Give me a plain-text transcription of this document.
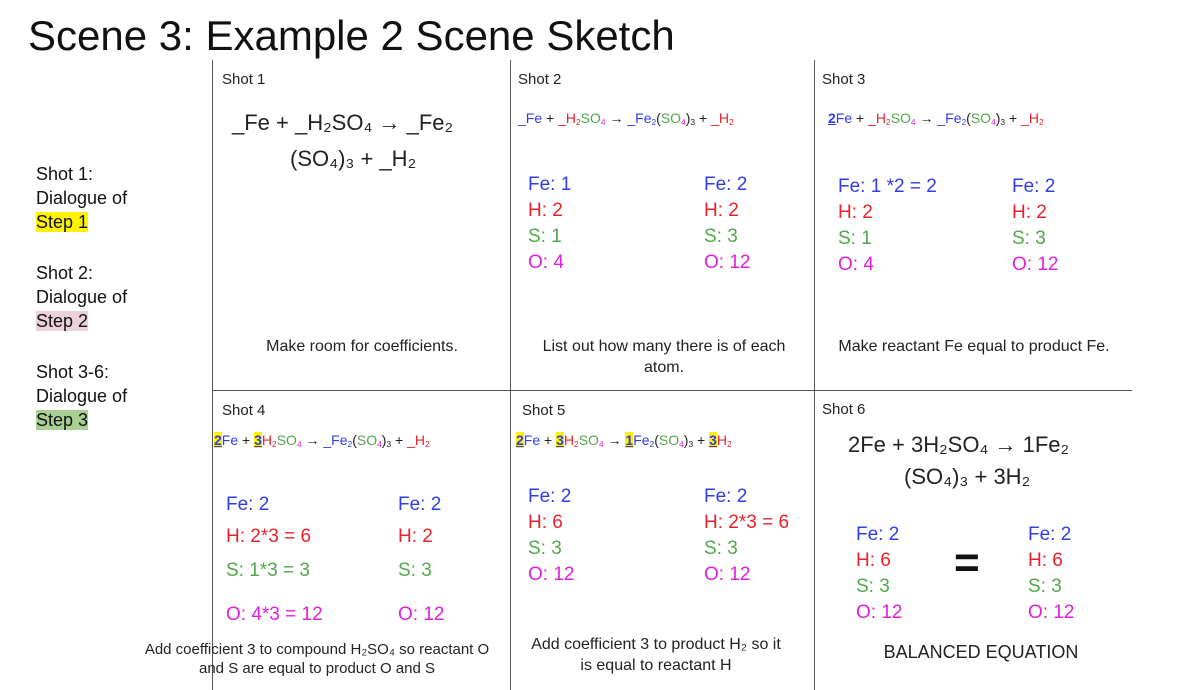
Scene 3: Example 2 Scene Sketch
Shot 1:
Dialogue of
Step 1
Shot 2:
Dialogue of
Step 2
Shot 3-6:
Dialogue of
Step 3
Shot 1	Shot 2	Shot 3
Shot 4	Shot 5	Shot 6
_Fe + _H₂SO₄ → _Fe₂
(SO₄)₃ + _H₂
_Fe + $\_H_2SO_4$ → $\_Fe_2(SO_4)_3$ + $\_H_2$	$2Fe + \_H_2SO_4$ → $\_Fe_2(SO_4)_3$ + $\_H_2$
Fe: 1
H: 2
S: 1
O: 4
Fe: 2
H: 2
S: 3
O: 12
Fe: 1 *2 = 2
H: 2
S: 1
O: 4
Fe: 2
H: 2
S: 3
O: 12
Make room for coefficients.	List out how many there is of each atom.
Make reactant Fe equal to product Fe.
$2Fe + 3H_2SO_4$ → $\_Fe_2(SO_4)_3$ + $\_H_2$	$2Fe + 3H_2SO_4 \to 1Fe_2(SO_4)_3 + 3H_2$	2Fe + 3H₂SO₄ → 1Fe₂
(SO₄)₃ + 3H₂
Fe: 2
H: 2*3 = 6
S: 1*3 = 3
O: 4*3 = 12
Fe: 2
H: 2
S: 3
O: 12
Fe: 2
H: 6
S: 3
O: 12
Fe: 2
H: 2*3 = 6
S: 3
O: 12
Fe: 2
H: 6
S: 3
O: 12
=
Fe: 2
H: 6
S: 3
O: 12
Add coefficient 3 to compound H₂SO₄ so reactant O and S are equal to product O and S
Add coefficient 3 to product H₂ so it is equal to reactant H
BALANCED EQUATION
